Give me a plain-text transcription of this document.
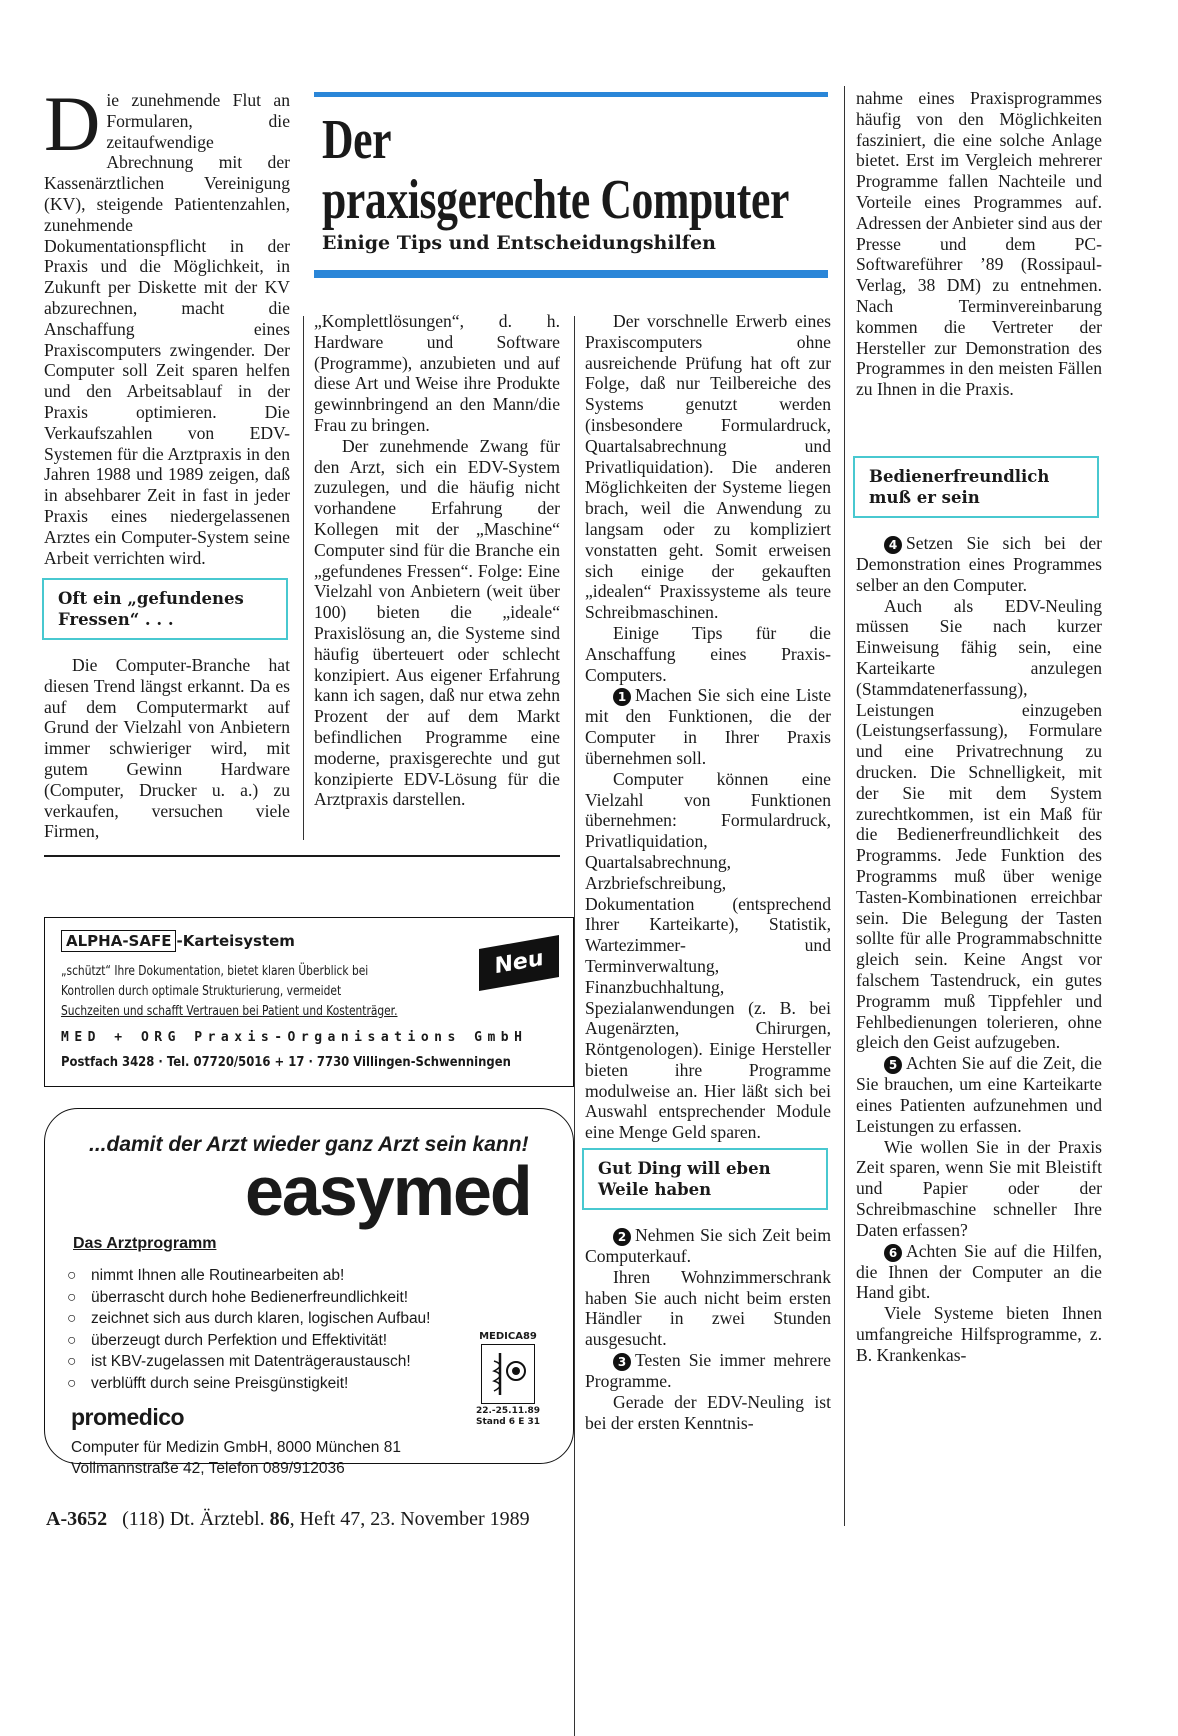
Der
praxisgerechte Computer
Einige Tips und Entscheidungshilfen

Die zunehmende Flut an Formularen, die zeitaufwendige Abrechnung mit der Kassenärztlichen Vereinigung (KV), steigende Patientenzahlen, zunehmende Dokumentationspflicht in der Praxis und die Möglichkeit, in Zukunft per Diskette mit der KV abzurechnen, macht die Anschaffung eines Praxiscomputers zwingender. Der Computer soll Zeit sparen helfen und den Arbeitsablauf in der Praxis optimieren. Die Verkaufszahlen von EDV-Systemen für die Arztpraxis in den Jahren 1988 und 1989 zeigen, daß in absehbarer Zeit in fast in jeder Praxis eines niedergelassenen Arztes ein Computer-System seine Arbeit verrichten wird.

Oft ein „gefundenes Fressen“ . . .

Die Computer-Branche hat diesen Trend längst erkannt. Da es auf dem Computermarkt auf Grund der Vielzahl von Anbietern immer schwieriger wird, mit gutem Gewinn Hardware (Computer, Drucker u. a.) zu verkaufen, versuchen viele Firmen,

„Komplettlösungen“, d. h. Hardware und Software (Programme), anzubieten und auf diese Art und Weise ihre Produkte gewinnbringend an den Mann/die Frau zu bringen.

Der zunehmende Zwang für den Arzt, sich ein EDV-System zuzulegen, und die häufig nicht vorhandene Erfahrung der Kollegen mit der „Maschine“ Computer sind für die Branche ein „gefundenes Fressen“. Folge: Eine Vielzahl von Anbietern (weit über 100) bieten die „ideale“ Praxislösung an, die Systeme sind häufig überteuert oder schlecht konzipiert. Aus eigener Erfahrung kann ich sagen, daß nur etwa zehn Prozent der auf dem Markt befindlichen Programme eine moderne, praxisgerechte und gut konzipierte EDV-Lösung für die Arztpraxis darstellen.

ALPHA-SAFE -Karteisystem
Neu
„schützt“ Ihre Dokumentation, bietet klaren Überblick bei
Kontrollen durch optimale Strukturierung, vermeidet
Suchzeiten und schafft Vertrauen bei Patient und Kostenträger.
MED + ORG Praxis-Organisations GmbH
Postfach 3428 · Tel. 07720/5016 + 17 · 7730 Villingen-Schwenningen
...damit der Arzt wieder ganz Arzt sein kann!
easymed
Das Arztprogramm
○ nimmt Ihnen alle Routinearbeiten ab!
○ überrascht durch hohe Bedienerfreundlichkeit!
○ zeichnet sich aus durch klaren, logischen Aufbau!
○ überzeugt durch Perfektion und Effektivität!
○ ist KBV-zugelassen mit Datenträgeraustausch!
○ verblüfft durch seine Preisgünstigkeit!
promedico
Computer für Medizin GmbH, 8000 München 81
Vollmannstraße 42, Telefon 089/912036
MEDICA89
22.-25.11.89
Stand 6 E 31

Der vorschnelle Erwerb eines Praxiscomputers ohne ausreichende Prüfung hat oft zur Folge, daß nur Teilbereiche des Systems genutzt werden (insbesondere Formulardruck, Quartalsabrechnung und Privatliquidation). Die anderen Möglichkeiten der Systeme liegen brach, weil die Anwendung zu langsam oder zu kompliziert vonstatten geht. Somit erweisen sich einige der gekauften „idealen“ Praxissysteme als teure Schreibmaschinen.

Einige Tips für die Anschaffung eines Praxis-Computers.

1 Machen Sie sich eine Liste mit den Funktionen, die der Computer in Ihrer Praxis übernehmen soll.

Computer können eine Vielzahl von Funktionen übernehmen: Formulardruck, Privatliquidation, Quartalsabrechnung, Arzbriefschreibung, Dokumentation (entsprechend Ihrer Karteikarte), Statistik, Wartezimmer- und Terminverwaltung, Finanzbuchhaltung, Spezialanwendungen (z. B. bei Augenärzten, Chirurgen, Röntgenologen). Einige Hersteller bieten ihre Programme modulweise an. Hier läßt sich bei Auswahl entsprechender Module eine Menge Geld sparen.

Gut Ding will eben Weile haben

2 Nehmen Sie sich Zeit beim Computerkauf.

Ihren Wohnzimmerschrank haben Sie auch nicht beim ersten Händler in zwei Stunden ausgesucht.

3 Testen Sie immer mehrere Programme.

Gerade der EDV-Neuling ist bei der ersten Kenntnis-

nahme eines Praxisprogrammes häufig von den Möglichkeiten fasziniert, die eine solche Anlage bietet. Erst im Vergleich mehrerer Programme fallen Nachteile und Vorteile eines Programmes auf. Adressen der Anbieter sind aus der Presse und dem PC-Softwareführer ’89 (Rossipaul-Verlag, 38 DM) zu entnehmen. Nach Terminvereinbarung kommen die Vertreter der Hersteller zur Demonstration des Programmes in den meisten Fällen zu Ihnen in die Praxis.

Bedienerfreundlich muß er sein

4 Setzen Sie sich bei der Demonstration eines Programmes selber an den Computer.

Auch als EDV-Neuling müssen Sie nach kurzer Einweisung fähig sein, eine Karteikarte anzulegen (Stammdatenerfassung), Leistungen einzugeben (Leistungserfassung), Formulare und eine Privatrechnung zu drucken. Die Schnelligkeit, mit der Sie mit dem System zurechtkommen, ist ein Maß für die Bedienerfreundlichkeit des Programms. Jede Funktion des Programms muß über wenige Tasten-Kombinationen erreichbar sein. Die Belegung der Tasten sollte für alle Programmabschnitte gleich sein. Keine Angst vor falschem Tastendruck, ein gutes Programm muß Tippfehler und Fehlbedienungen tolerieren, ohne gleich den Geist aufzugeben.

5 Achten Sie auf die Zeit, die Sie brauchen, um eine Karteikarte eines Patienten aufzunehmen und Leistungen zu erfassen.

Wie wollen Sie in der Praxis Zeit sparen, wenn Sie mit Bleistift und Papier oder der Schreibmaschine schneller Ihre Daten erfassen?

6 Achten Sie auf die Hilfen, die Ihnen der Computer an die Hand gibt.

Viele Systeme bieten Ihnen umfangreiche Hilfsprogramme, z. B. Krankenkas-

A-3652 (118) Dt. Ärztebl. 86, Heft 47, 23. November 1989
